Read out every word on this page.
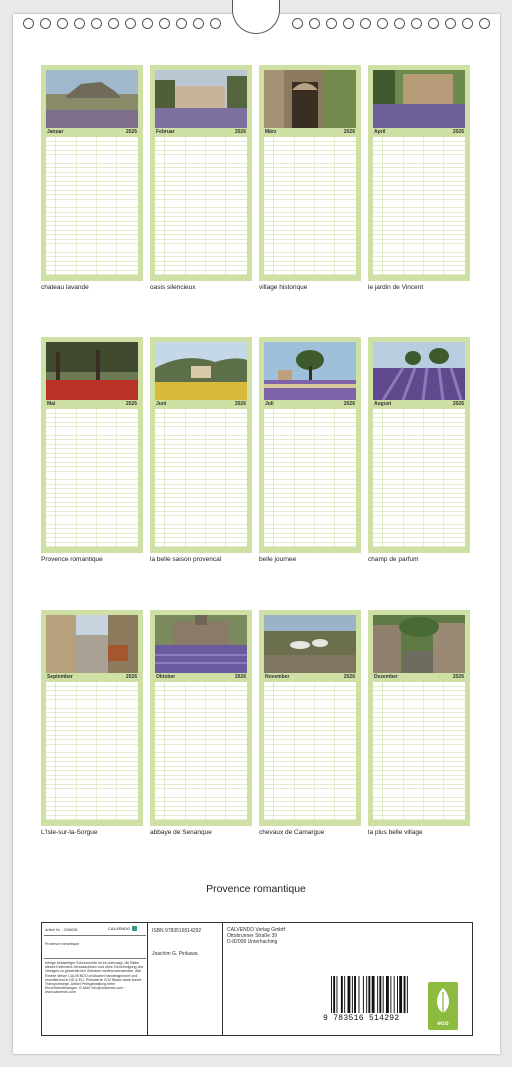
Januar	2026
chateau lavande
Februar	2026
oasis silencieux
März	2026
village historique
April	2026
le jardin de Vincent
Mai	2026
Provence romantique
Juni	2026
la belle saison provencal
Juli	2026
belle journee
August	2026
champ de parfum
September	2026
L'Isle-sur-la-Sorgue
Oktober	2026
abbaye de Senanque
November	2026
chevaux de Camargue
Dezember	2026
la plus belle village
Provence romantique
Artikel Nr. : 2066026	CALVENDO
Provence romantique
Infolge beidseitiger Schutzrechte ist es untersagt, die Bilder dieses Kalenders herauszulösen und ohne Genehmigung des Verlages zu gewerblichen Zwecken weiterzuverwenden. Alle Rechte dieser CALVENDO produziert handelsgerecht und annullierend in DE & EU. Preiswerte CO2 Bilanz dank kurzer Transportwege. Artikel Preisgestaltung beim Einzelhändlerwegen. E-Mail: info@calvendo.com · www.calvendo.com
ISBN 9783516514292
Joachim G. Pinkawa
CALVENDO Verlag GmbH
Ottobrunner Straße 39
D-82008 Unterhaching
9 783516 514292
eco
